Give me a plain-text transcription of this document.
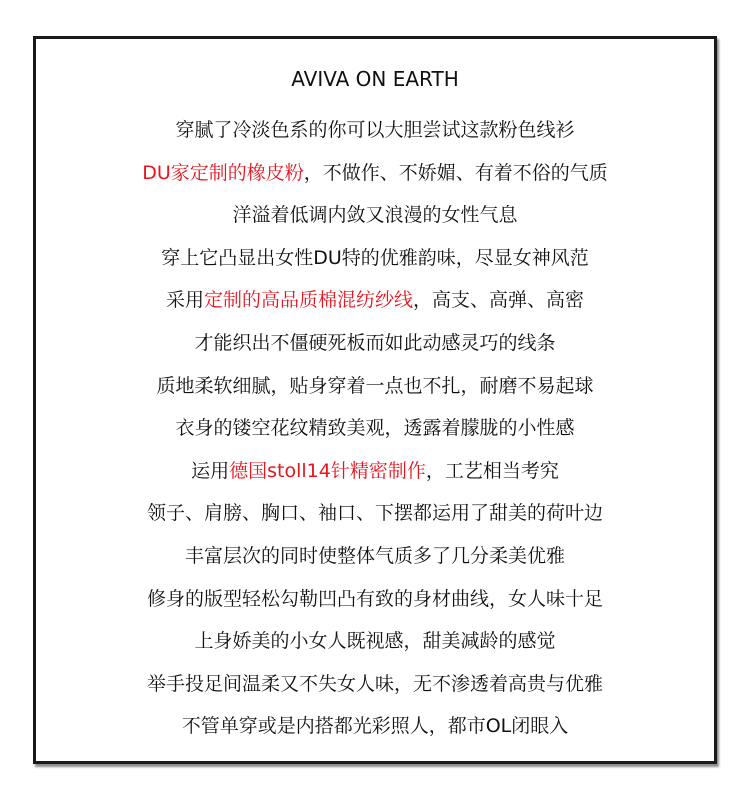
AVIVA ON EARTH
穿腻了冷淡色系的你可以大胆尝试这款粉色线衫
DU家定制的橡皮粉，不做作、不娇媚、有着不俗的气质
洋溢着低调内敛又浪漫的女性气息
穿上它凸显出女性DU特的优雅韵味，尽显女神风范
采用定制的高品质棉混纺纱线，高支、高弹、高密
才能织出不僵硬死板而如此动感灵巧的线条
质地柔软细腻，贴身穿着一点也不扎，耐磨不易起球
衣身的镂空花纹精致美观，透露着朦胧的小性感
运用德国stoll14针精密制作，工艺相当考究
领子、肩膀、胸口、袖口、下摆都运用了甜美的荷叶边
丰富层次的同时使整体气质多了几分柔美优雅
修身的版型轻松勾勒凹凸有致的身材曲线，女人味十足
上身娇美的小女人既视感，甜美减龄的感觉
举手投足间温柔又不失女人味，无不渗透着高贵与优雅
不管单穿或是内搭都光彩照人，都市OL闭眼入
